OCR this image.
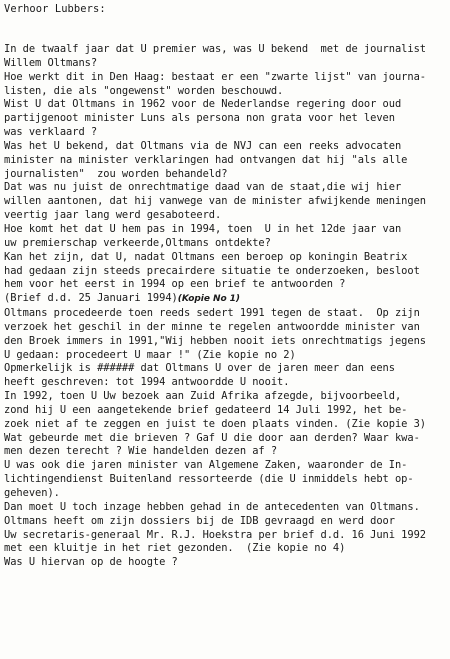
Verhoor Lubbers:
In de twaalf jaar dat U premier was, was U bekend  met de journalist
Willem Oltmans?
Hoe werkt dit in Den Haag: bestaat er een "zwarte lijst" van journa-
listen, die als "ongewenst" worden beschouwd.
Wist U dat Oltmans in 1962 voor de Nederlandse regering door oud
partijgenoot minister Luns als persona non grata voor het leven
was verklaard ?
Was het U bekend, dat Oltmans via de NVJ can een reeks advocaten
minister na minister verklaringen had ontvangen dat hij "als alle
journalisten"  zou worden behandeld?
Dat was nu juist de onrechtmatige daad van de staat,die wij hier
willen aantonen, dat hij vanwege van de minister afwijkende meningen
veertig jaar lang werd gesaboteerd.
Hoe komt het dat U hem pas in 1994, toen  U in het 12de jaar van
uw premierschap verkeerde,Oltmans ontdekte?
Kan het zijn, dat U, nadat Oltmans een beroep op koningin Beatrix
had gedaan zijn steeds precairdere situatie te onderzoeken, besloot
hem voor het eerst in 1994 op een brief te antwoorden ?
(Brief d.d. 25 Januari 1994)(Kopie No 1)
Oltmans procedeerde toen reeds sedert 1991 tegen de staat.  Op zijn
verzoek het geschil in der minne te regelen antwoordde minister van
den Broek immers in 1991,"Wij hebben nooit iets onrechtmatigs jegens
U gedaan: procedeert U maar !" (Zie kopie no 2)
Opmerkelijk is ###### dat Oltmans U over de jaren meer dan eens
heeft geschreven: tot 1994 antwoordde U nooit.
In 1992, toen U Uw bezoek aan Zuid Afrika afzegde, bijvoorbeeld,
zond hij U een aangetekende brief gedateerd 14 Juli 1992, het be-
zoek niet af te zeggen en juist te doen plaats vinden. (Zie kopie 3)
Wat gebeurde met die brieven ? Gaf U die door aan derden? Waar kwa-
men dezen terecht ? Wie handelden dezen af ?
U was ook die jaren minister van Algemene Zaken, waaronder de In-
lichtingendienst Buitenland ressorteerde (die U inmiddels hebt op-
geheven).
Dan moet U toch inzage hebben gehad in de antecedenten van Oltmans.
Oltmans heeft om zijn dossiers bij de IDB gevraagd en werd door
Uw secretaris-generaal Mr. R.J. Hoekstra per brief d.d. 16 Juni 1992
met een kluitje in het riet gezonden.  (Zie kopie no 4)
Was U hiervan op de hoogte ?
